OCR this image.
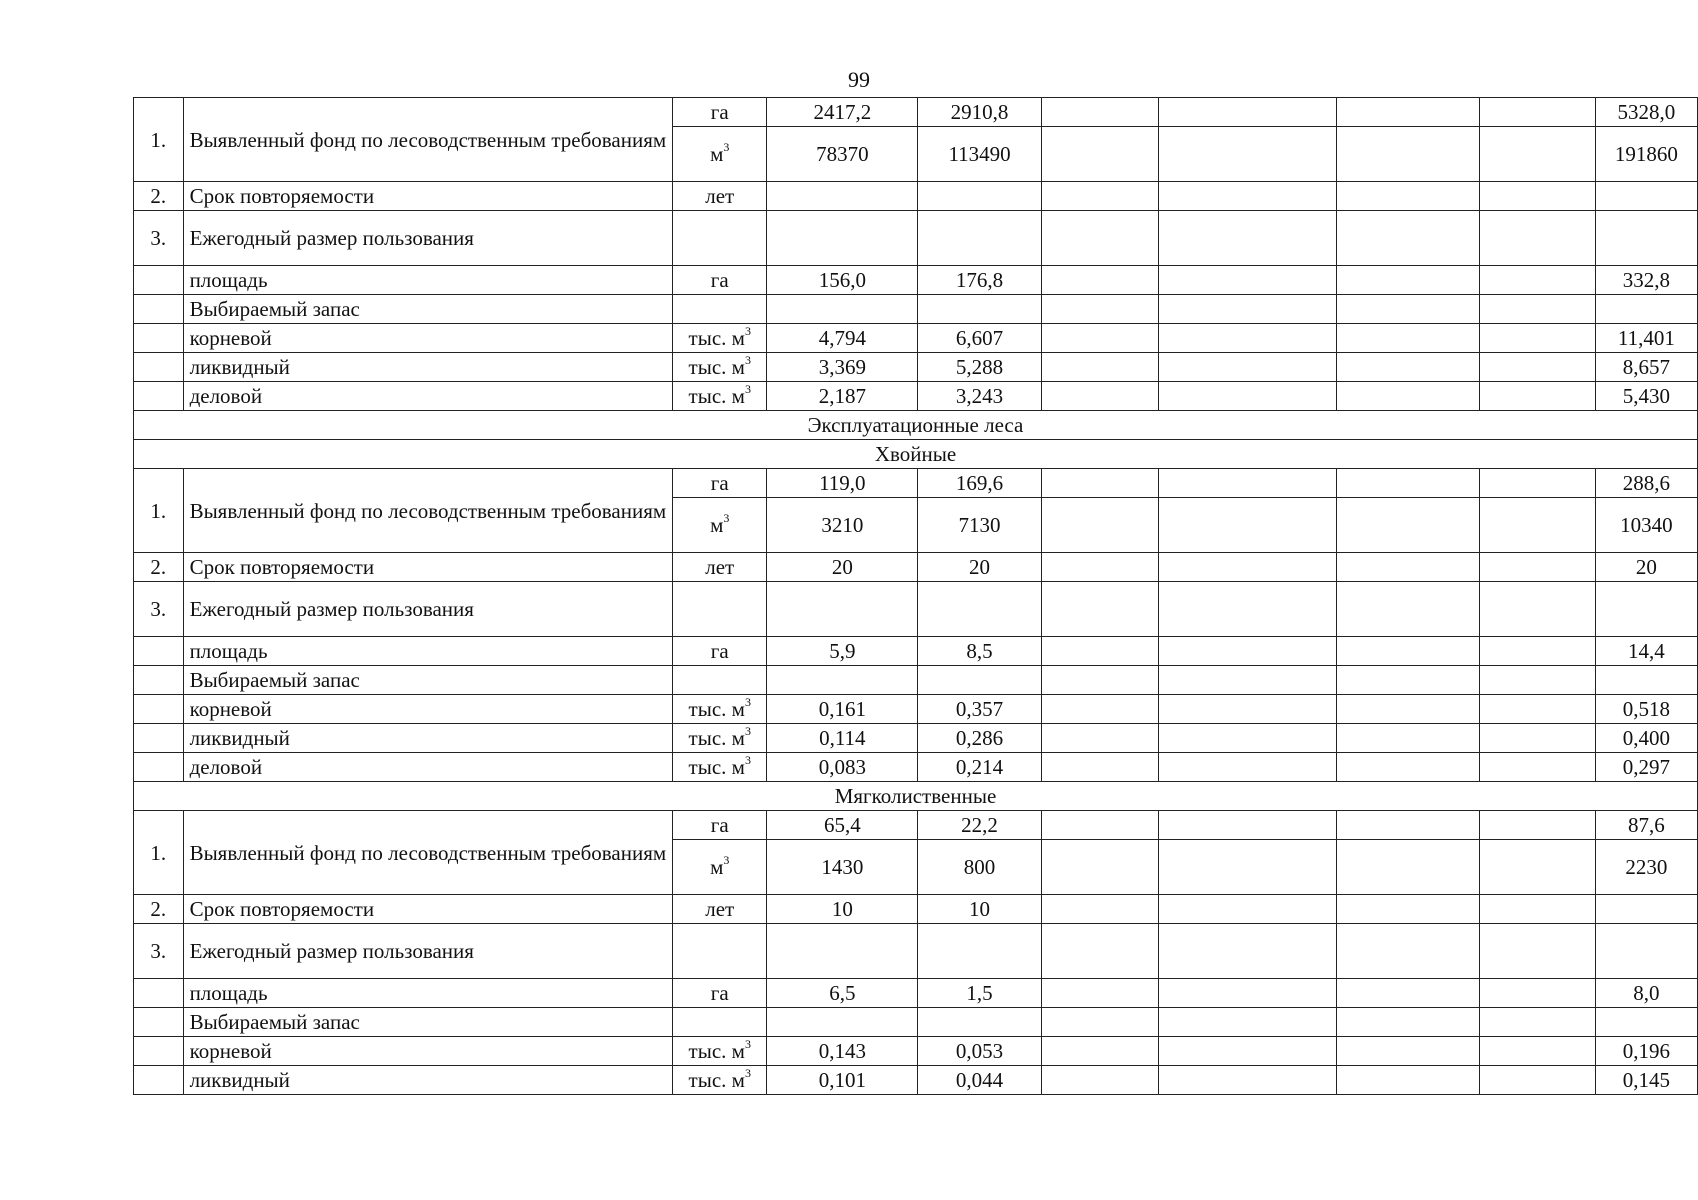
99
1.	Выявленный фонд по лесоводственным требованиям	га	2417,2	2910,8					5328,0
		$м^3$	78370	113490					191860
2.	Срок повторяемости	лет							
3.	Ежегодный размер пользования								
	площадь	га	156,0	176,8					332,8
	Выбираемый запас								
	корневой	тыс. $м^3$	4,794	6,607					11,401
	ликвидный	тыс. $м^3$	3,369	5,288					8,657
	деловой	тыс. $м^3$	2,187	3,243					5,430
Эксплуатационные леса									
Хвойные									
1.	Выявленный фонд по лесоводственным требованиям	га	119,0	169,6					288,6
		$м^3$	3210	7130					10340
2.	Срок повторяемости	лет	20	20					20
3.	Ежегодный размер пользования								
	площадь	га	5,9	8,5					14,4
	Выбираемый запас								
	корневой	тыс. $м^3$	0,161	0,357					0,518
	ликвидный	тыс. $м^3$	0,114	0,286					0,400
	деловой	тыс. $м^3$	0,083	0,214					0,297
Мягколиственные									
1.	Выявленный фонд по лесоводственным требованиям	га	65,4	22,2					87,6
		$м^3$	1430	800					2230
2.	Срок повторяемости	лет	10	10					
3.	Ежегодный размер пользования								
	площадь	га	6,5	1,5					8,0
	Выбираемый запас								
	корневой	тыс. $м^3$	0,143	0,053					0,196
	ликвидный	тыс. $м^3$	0,101	0,044					0,145
